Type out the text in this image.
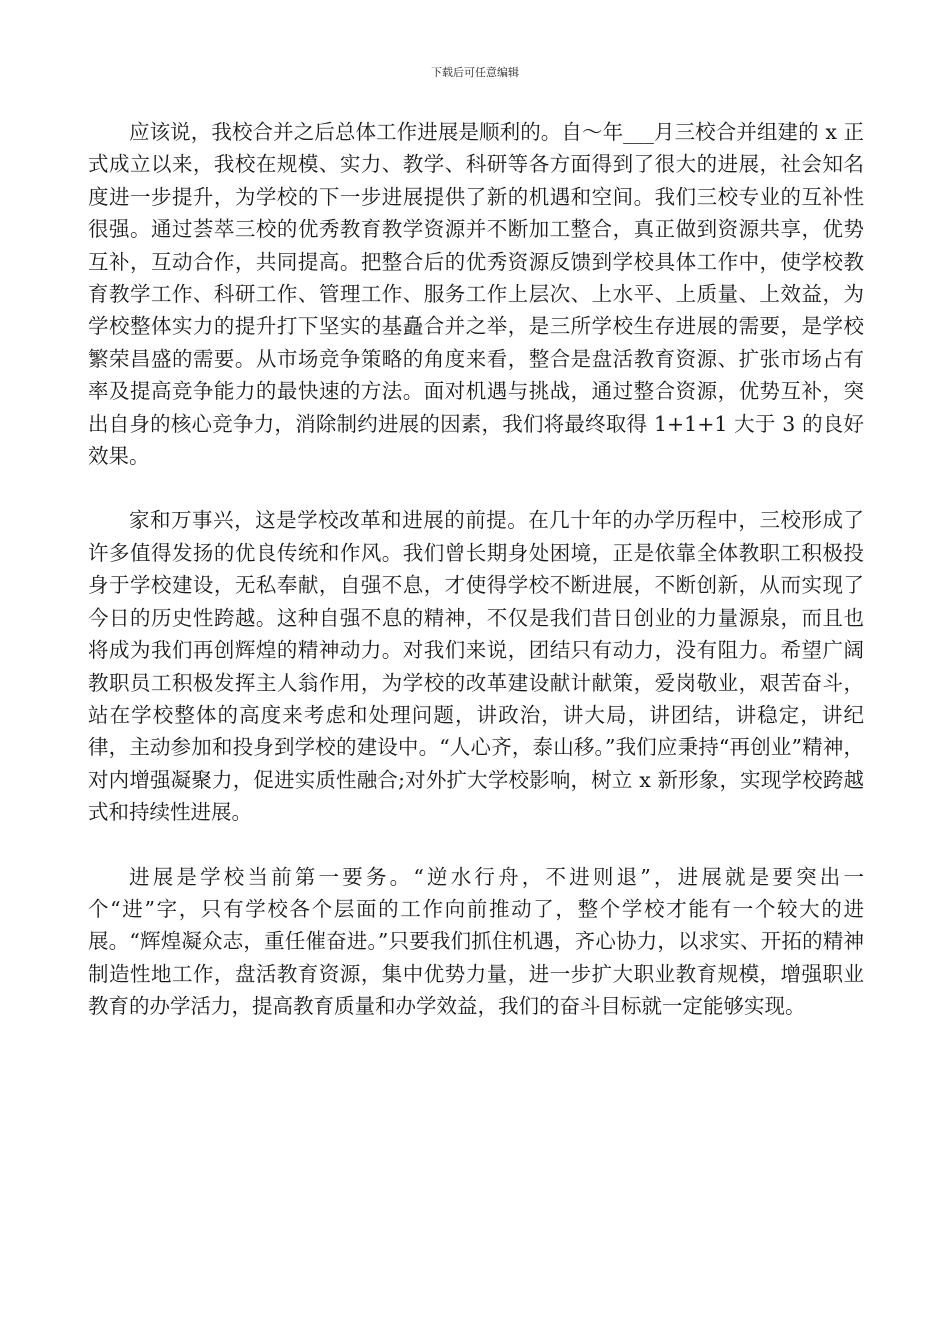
下载后可任意编辑

应该说，我校合并之后总体工作进展是顺利的。自～年___月三校合并组建的 x 正式成立以来，我校在规模、实力、教学、科研等各方面得到了很大的进展，社会知名度进一步提升，为学校的下一步进展提供了新的机遇和空间。我们三校专业的互补性很强。通过荟萃三校的优秀教育教学资源并不断加工整合，真正做到资源共享，优势互补，互动合作，共同提高。把整合后的优秀资源反馈到学校具体工作中，使学校教育教学工作、科研工作、管理工作、服务工作上层次、上水平、上质量、上效益，为学校整体实力的提升打下坚实的基矗合并之举，是三所学校生存进展的需要，是学校繁荣昌盛的需要。从市场竞争策略的角度来看，整合是盘活教育资源、扩张市场占有率及提高竞争能力的最快速的方法。面对机遇与挑战，通过整合资源，优势互补，突出自身的核心竞争力，消除制约进展的因素，我们将最终取得 1+1+1 大于 3 的良好效果。

家和万事兴，这是学校改革和进展的前提。在几十年的办学历程中，三校形成了许多值得发扬的优良传统和作风。我们曾长期身处困境，正是依靠全体教职工积极投身于学校建设，无私奉献，自强不息，才使得学校不断进展，不断创新，从而实现了今日的历史性跨越。这种自强不息的精神，不仅是我们昔日创业的力量源泉，而且也将成为我们再创辉煌的精神动力。对我们来说，团结只有动力，没有阻力。希望广阔教职员工积极发挥主人翁作用，为学校的改革建设献计献策，爱岗敬业，艰苦奋斗，站在学校整体的高度来考虑和处理问题，讲政治，讲大局，讲团结，讲稳定，讲纪律，主动参加和投身到学校的建设中。“人心齐，泰山移。”我们应秉持“再创业”精神，对内增强凝聚力，促进实质性融合;对外扩大学校影响，树立 x 新形象，实现学校跨越式和持续性进展。

进展是学校当前第一要务。“逆水行舟，不进则退”，进展就是要突出一个“进”字，只有学校各个层面的工作向前推动了，整个学校才能有一个较大的进展。“辉煌凝众志，重任催奋进。”只要我们抓住机遇，齐心协力，以求实、开拓的精神制造性地工作，盘活教育资源，集中优势力量，进一步扩大职业教育规模，增强职业教育的办学活力，提高教育质量和办学效益，我们的奋斗目标就一定能够实现。
